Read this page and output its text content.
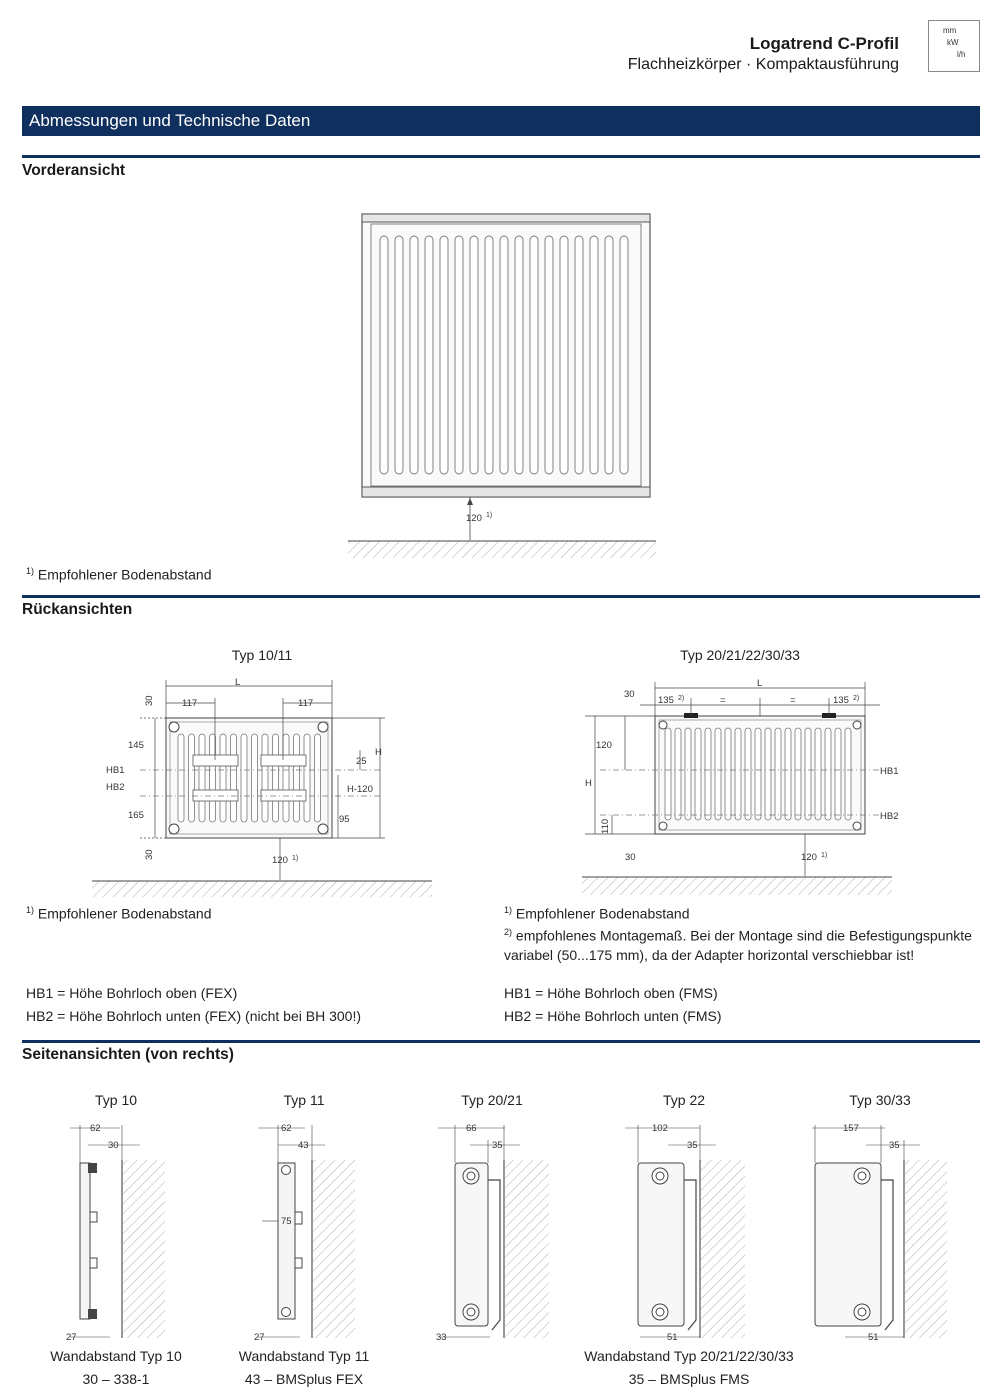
Logatrend C-Profil
Flachheizkörper · Kompaktausführung
mm
kW
l/h
Abmessungen und Technische Daten
Vorderansicht
Rückansichten
Seitenansichten (von rechts)
120 1)
L
117	117
30
145
HB1
HB2
165
30
H
25
H-120
95
120 1)
L
30
135 2)	=	=	135 2)
120
H
110
30
HB1
HB2
120 1)
62
30
27
62
43
75
27
66
35
33
102
35
51
157
35
51
$^{1)}$ Empfohlener Bodenabstand
Typ 10/11	Typ 20/21/22/30/33
$^{1)}$ Empfohlener Bodenabstand
HB1 = Höhe Bohrloch oben (FEX)
HB2 = Höhe Bohrloch unten (FEX) (nicht bei BH 300!)
$^{1)}$ Empfohlener Bodenabstand
$^{2)}$ empfohlenes Montagemaß. Bei der Montage sind die Befestigungspunkte variabel (50...175 mm), da der Adapter horizontal verschiebbar ist!
HB1 = Höhe Bohrloch oben (FMS)
HB2 = Höhe Bohrloch unten (FMS)
Typ 10	Typ 11	Typ 20/21	Typ 22	Typ 30/33
Wandabstand Typ 10
30 – 338-1
Wandabstand Typ 11
43 – BMSplus FEX
Wandabstand Typ 20/21/22/30/33
35 – BMSplus FMS
